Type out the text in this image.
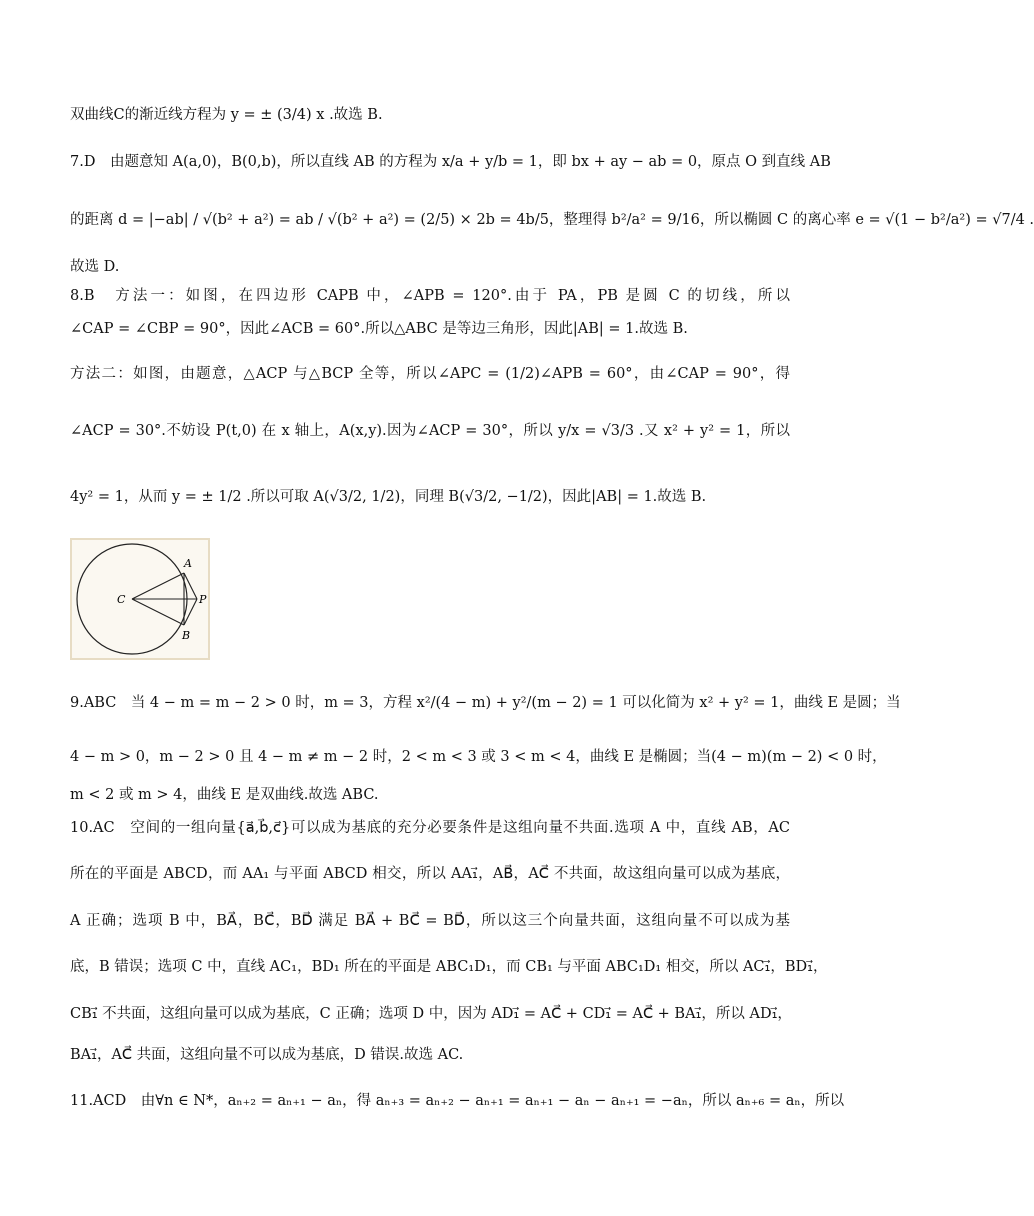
双曲线C的渐近线方程为 y = ± (3/4) x .故选 B.
7.D　由题意知 A(a,0)，B(0,b)，所以直线 AB 的方程为 x/a + y/b = 1，即 bx + ay − ab = 0，原点 O 到直线 AB
的距离 d = |−ab| / √(b² + a²) = ab / √(b² + a²) = (2/5) × 2b = 4b/5，整理得 b²/a² = 9/16，所以椭圆 C 的离心率 e = √(1 − b²/a²) = √7/4 .
故选 D.
8.B　方法一：如图，在四边形 CAPB 中，∠APB = 120°.由于 PA，PB 是圆 C 的切线，所以
∠CAP = ∠CBP = 90°，因此∠ACB = 60°.所以△ABC 是等边三角形，因此|AB| = 1.故选 B.
方法二：如图，由题意，△ACP 与△BCP 全等，所以∠APC = (1/2)∠APB = 60°，由∠CAP = 90°，得
∠ACP = 30°.不妨设 P(t,0) 在 x 轴上，A(x,y).因为∠ACP = 30°，所以 y/x = √3/3 .又 x² + y² = 1，所以
4y² = 1，从而 y = ± 1/2 .所以可取 A(√3/2, 1/2)，同理 B(√3/2, −1/2)，因此|AB| = 1.故选 B.
C
A
P
B
9.ABC　当 4 − m = m − 2 > 0 时，m = 3，方程 x²/(4 − m) + y²/(m − 2) = 1 可以化简为 x² + y² = 1，曲线 E 是圆；当
4 − m > 0，m − 2 > 0 且 4 − m ≠ m − 2 时，2 < m < 3 或 3 < m < 4，曲线 E 是椭圆；当(4 − m)(m − 2) < 0 时，
m < 2 或 m > 4，曲线 E 是双曲线.故选 ABC.
10.AC　空间的一组向量{a⃗,b⃗,c⃗}可以成为基底的充分必要条件是这组向量不共面.选项 A 中，直线 AB，AC
所在的平面是 ABCD，而 AA₁ 与平面 ABCD 相交，所以 AA₁⃗，AB⃗，AC⃗ 不共面，故这组向量可以成为基底，
A 正确；选项 B 中，BA⃗，BC⃗，BD⃗ 满足 BA⃗ + BC⃗ = BD⃗，所以这三个向量共面，这组向量不可以成为基
底，B 错误；选项 C 中，直线 AC₁，BD₁ 所在的平面是 ABC₁D₁，而 CB₁ 与平面 ABC₁D₁ 相交，所以 AC₁⃗，BD₁⃗，
CB₁⃗ 不共面，这组向量可以成为基底，C 正确；选项 D 中，因为 AD₁⃗ = AC⃗ + CD₁⃗ = AC⃗ + BA₁⃗，所以 AD₁⃗，
BA₁⃗，AC⃗ 共面，这组向量不可以成为基底，D 错误.故选 AC.
11.ACD　由∀n ∈ N*，aₙ₊₂ = aₙ₊₁ − aₙ，得 aₙ₊₃ = aₙ₊₂ − aₙ₊₁ = aₙ₊₁ − aₙ − aₙ₊₁ = −aₙ，所以 aₙ₊₆ = aₙ，所以
